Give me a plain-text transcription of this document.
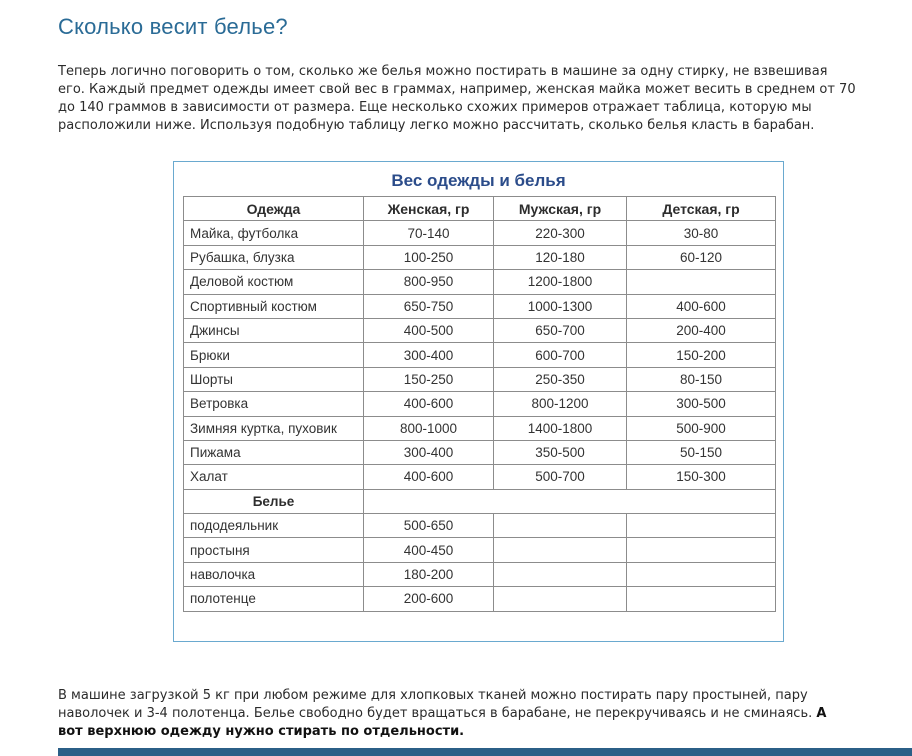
Сколько весит белье?

Теперь логично поговорить о том, сколько же белья можно постирать в машине за одну стирку, не взвешивая
его. Каждый предмет одежды имеет свой вес в граммах, например, женская майка может весить в среднем от 70
до 140 граммов в зависимости от размера. Еще несколько схожих примеров отражает таблица, которую мы
расположили ниже. Используя подобную таблицу легко можно рассчитать, сколько белья класть в барабан.

Вес одежды и белья
Одежда	Женская, гр	Мужская, гр	Детская, гр
Майка, футболка	70-140	220-300	30-80
Рубашка, блузка	100-250	120-180	60-120
Деловой костюм	800-950	1200-1800	
Спортивный костюм	650-750	1000-1300	400-600
Джинсы	400-500	650-700	200-400
Брюки	300-400	600-700	150-200
Шорты	150-250	250-350	80-150
Ветровка	400-600	800-1200	300-500
Зимняя куртка, пуховик	800-1000	1400-1800	500-900
Пижама	300-400	350-500	50-150
Халат	400-600	500-700	150-300
Белье			
пододеяльник	500-650		
простыня	400-450		
наволочка	180-200		
полотенце	200-600		

В машине загрузкой 5 кг при любом режиме для хлопковых тканей можно постирать пару простыней, пару
наволочек и 3-4 полотенца. Белье свободно будет вращаться в барабане, не перекручиваясь и не сминаясь. А
вот верхнюю одежду нужно стирать по отдельности.
